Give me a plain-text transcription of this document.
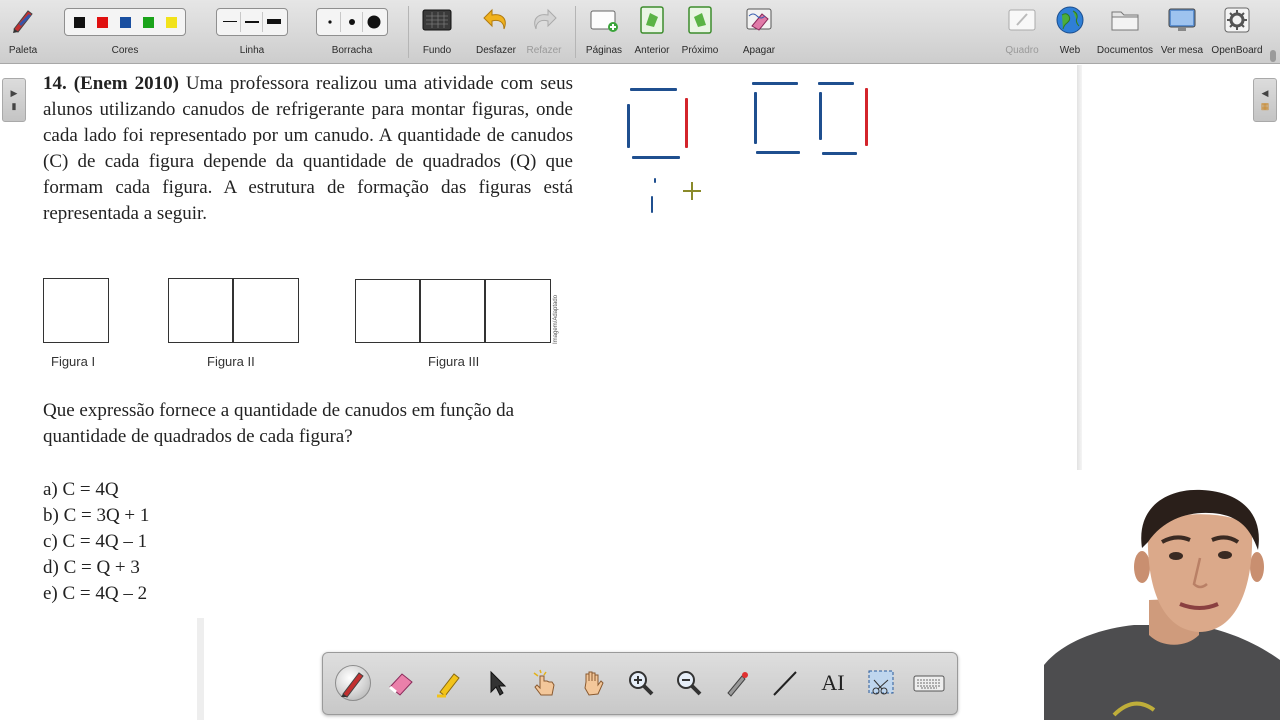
Paleta	Cores	Linha	Borracha	Fundo Desfazer Refazer Páginas Anterior Próximo Apagar	Quadro Web Documentos Ver mesa OpenBoard
▶
▮
◀
▦
14. (Enem 2010) Uma professora realizou uma atividade com seus alunos utilizando canudos de refrigerante para montar figuras, onde cada lado foi representado por um canudo. A quantidade de canudos (C) de cada figura depende da quantidade de quadrados (Q) que formam cada figura. A estrutura de formação das figuras está representada a seguir.
Imagem/Adaptado
Figura I	Figura II	Figura III
Que expressão fornece a quantidade de canudos em função da quantidade de quadrados de cada figura?
a) C = 4Q
b) C = 3Q + 1
c) C = 4Q – 1
d) C = Q + 3
e) C = 4Q – 2
AI
